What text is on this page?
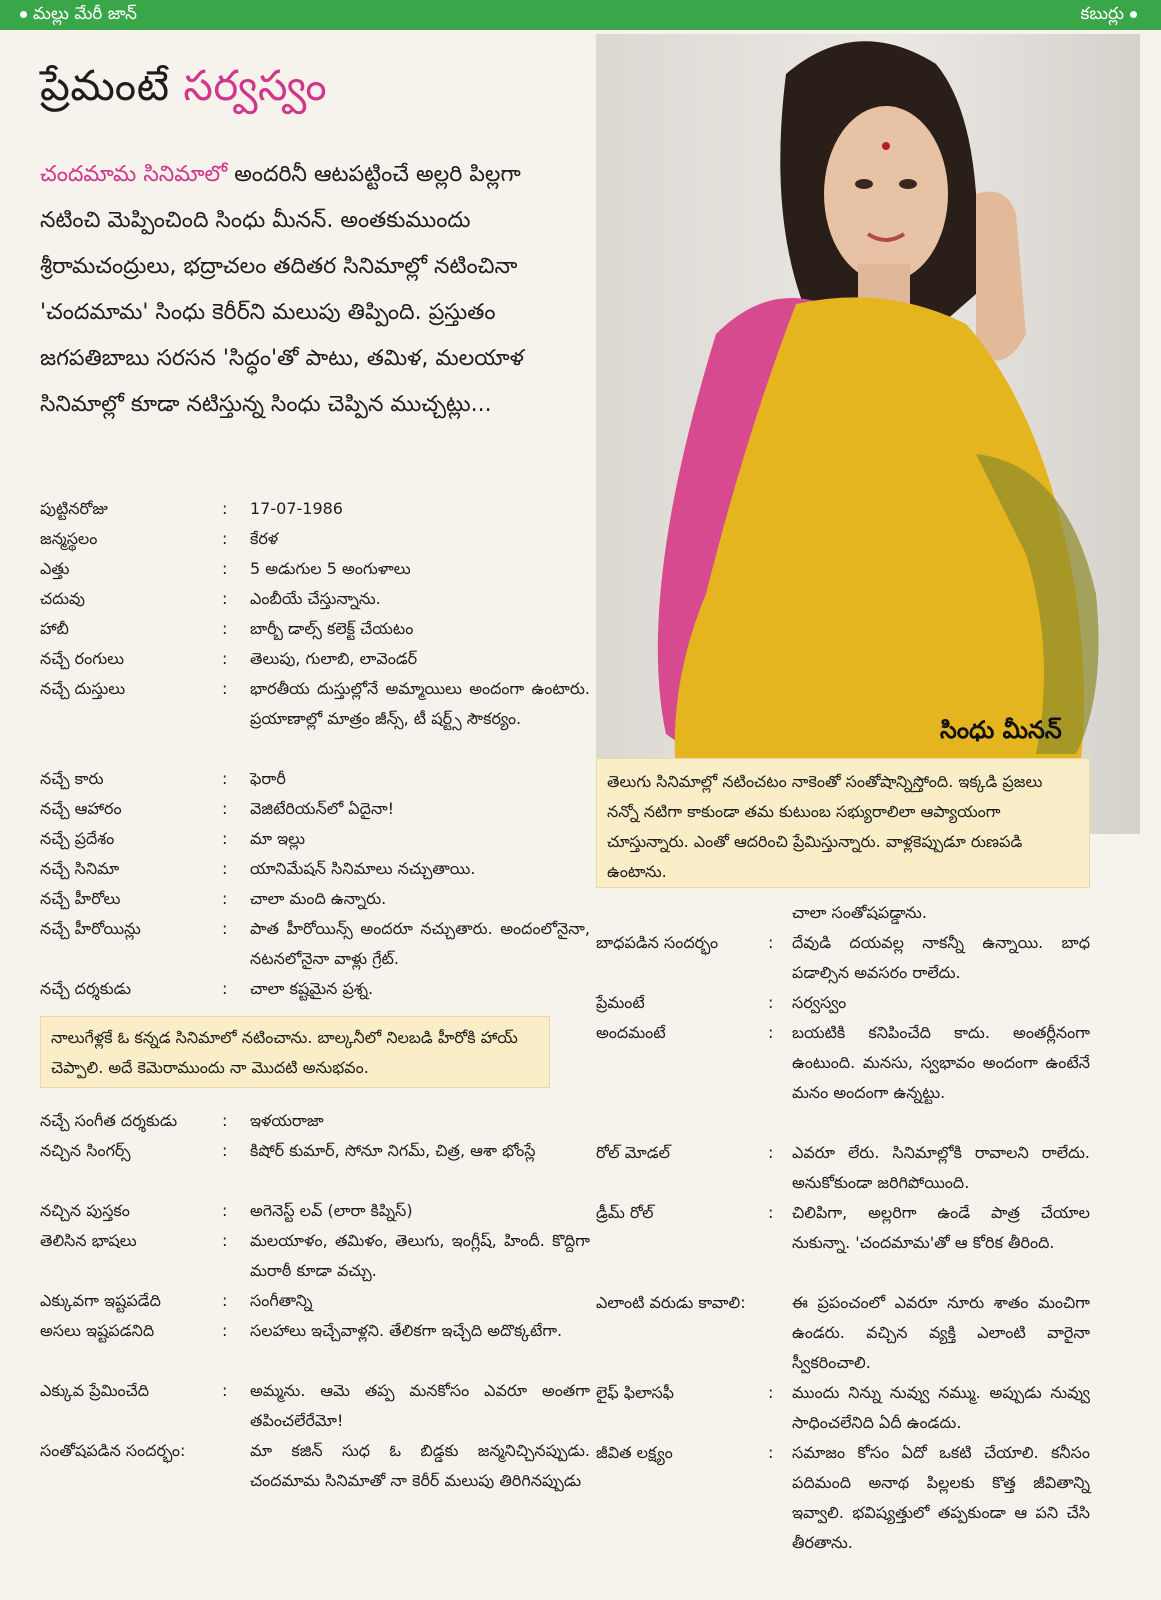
మల్లు మేరీ జాన్	కబుర్లు
ప్రేమంటే సర్వస్వం
చందమామ సినిమాలో అందరినీ ఆటపట్టించే అల్లరి పిల్లగా నటించి మెప్పించింది సింధు మీనన్. అంతకుముందు శ్రీరామచంద్రులు, భద్రాచలం తదితర సినిమాల్లో నటించినా 'చందమామ' సింధు కెరీర్‌ని మలుపు తిప్పింది. ప్రస్తుతం జగపతిబాబు సరసన 'సిద్ధం'తో పాటు, తమిళ, మలయాళ సినిమాల్లో కూడా నటిస్తున్న సింధు చెప్పిన ముచ్చట్లు...
సింధు మీనన్
తెలుగు సినిమాల్లో నటించటం నాకెంతో సంతోషాన్నిస్తోంది. ఇక్కడి ప్రజలు నన్నో నటిగా కాకుండా తమ కుటుంబ సభ్యురాలిలా ఆప్యాయంగా చూస్తున్నారు. ఎంతో ఆదరించి ప్రేమిస్తున్నారు. వాళ్లకెప్పుడూ రుణపడి ఉంటాను.
పుట్టినరోజు	: 17-07-1986
జన్మస్థలం	: కేరళ
ఎత్తు	: 5 అడుగుల 5 అంగుళాలు
చదువు	: ఎంబీయే చేస్తున్నాను.
హాబీ	: బార్బీ డాల్స్ కలెక్ట్ చేయటం
నచ్చే రంగులు	: తెలుపు, గులాబి, లావెండర్
నచ్చే దుస్తులు	: భారతీయ దుస్తుల్లోనే అమ్మాయిలు అందంగా ఉంటారు. ప్రయాణాల్లో మాత్రం జీన్స్, టీ షర్ట్స్ సౌకర్యం.
నచ్చే కారు	: ఫెరారీ
నచ్చే ఆహారం	: వెజిటేరియన్‌లో ఏదైనా!
నచ్చే ప్రదేశం	: మా ఇల్లు
నచ్చే సినిమా	: యానిమేషన్ సినిమాలు నచ్చుతాయి.
నచ్చే హీరోలు	: చాలా మంది ఉన్నారు.
నచ్చే హీరోయిన్లు	: పాత హీరోయిన్స్ అందరూ నచ్చుతారు. అందంలోనైనా, నటనలోనైనా వాళ్లు గ్రేట్.
నచ్చే దర్శకుడు	: చాలా కష్టమైన ప్రశ్న.
నాలుగేళ్లకే ఓ కన్నడ సినిమాలో నటించాను. బాల్కనీలో నిలబడి హీరోకి హాయ్ చెప్పాలి. అదే కెమెరాముందు నా మొదటి అనుభవం.
నచ్చే సంగీత దర్శకుడు	: ఇళయరాజా
నచ్చిన సింగర్స్	: కిషోర్ కుమార్, సోనూ నిగమ్, చిత్ర, ఆశా భోంస్లే
నచ్చిన పుస్తకం	: అగెనెస్ట్ లవ్ (లారా కిప్నిస్)
తెలిసిన భాషలు	: మలయాళం, తమిళం, తెలుగు, ఇంగ్లీష్, హిందీ. కొద్దిగా మరాఠీ కూడా వచ్చు.
ఎక్కువగా ఇష్టపడేది	: సంగీతాన్ని
అసలు ఇష్టపడనిది	: సలహాలు ఇచ్చేవాళ్లని. తేలికగా ఇచ్చేది అదొక్కటేగా.
ఎక్కువ ప్రేమించేది	: అమ్మను. ఆమె తప్ప మనకోసం ఎవరూ అంతగా తపించలేరేమో!
సంతోషపడిన సందర్భం:	మా కజిన్ సుధ ఓ బిడ్డకు జన్మనిచ్చినప్పుడు. చందమామ సినిమాతో నా కెరీర్ మలుపు తిరిగినప్పుడు
చాలా సంతోషపడ్డాను.
బాధపడిన సందర్భం	: దేవుడి దయవల్ల నాకన్నీ ఉన్నాయి. బాధ పడాల్సిన అవసరం రాలేదు.
ప్రేమంటే	: సర్వస్వం
అందమంటే	: బయటికి కనిపించేది కాదు. అంతర్లీనంగా ఉంటుంది. మనసు, స్వభావం అందంగా ఉంటేనే మనం అందంగా ఉన్నట్టు.
రోల్ మోడల్	: ఎవరూ లేరు. సినిమాల్లోకి రావాలని రాలేదు. అనుకోకుండా జరిగిపోయింది.
డ్రీమ్ రోల్	: చిలిపిగా, అల్లరిగా ఉండే పాత్ర చేయాల నుకున్నా. 'చందమామ'తో ఆ కోరిక తీరింది.
ఎలాంటి వరుడు కావాలి:	ఈ ప్రపంచంలో ఎవరూ నూరు శాతం మంచిగా ఉండరు. వచ్చిన వ్యక్తి ఎలాంటి వారైనా స్వీకరించాలి.
లైఫ్ ఫిలాసఫీ	: ముందు నిన్ను నువ్వు నమ్ము. అప్పుడు నువ్వు సాధించలేనిది ఏదీ ఉండదు.
జీవిత లక్ష్యం	: సమాజం కోసం ఏదో ఒకటి చేయాలి. కనీసం పదిమంది అనాథ పిల్లలకు కొత్త జీవితాన్ని ఇవ్వాలి. భవిష్యత్తులో తప్పకుండా ఆ పని చేసి తీరతాను.
